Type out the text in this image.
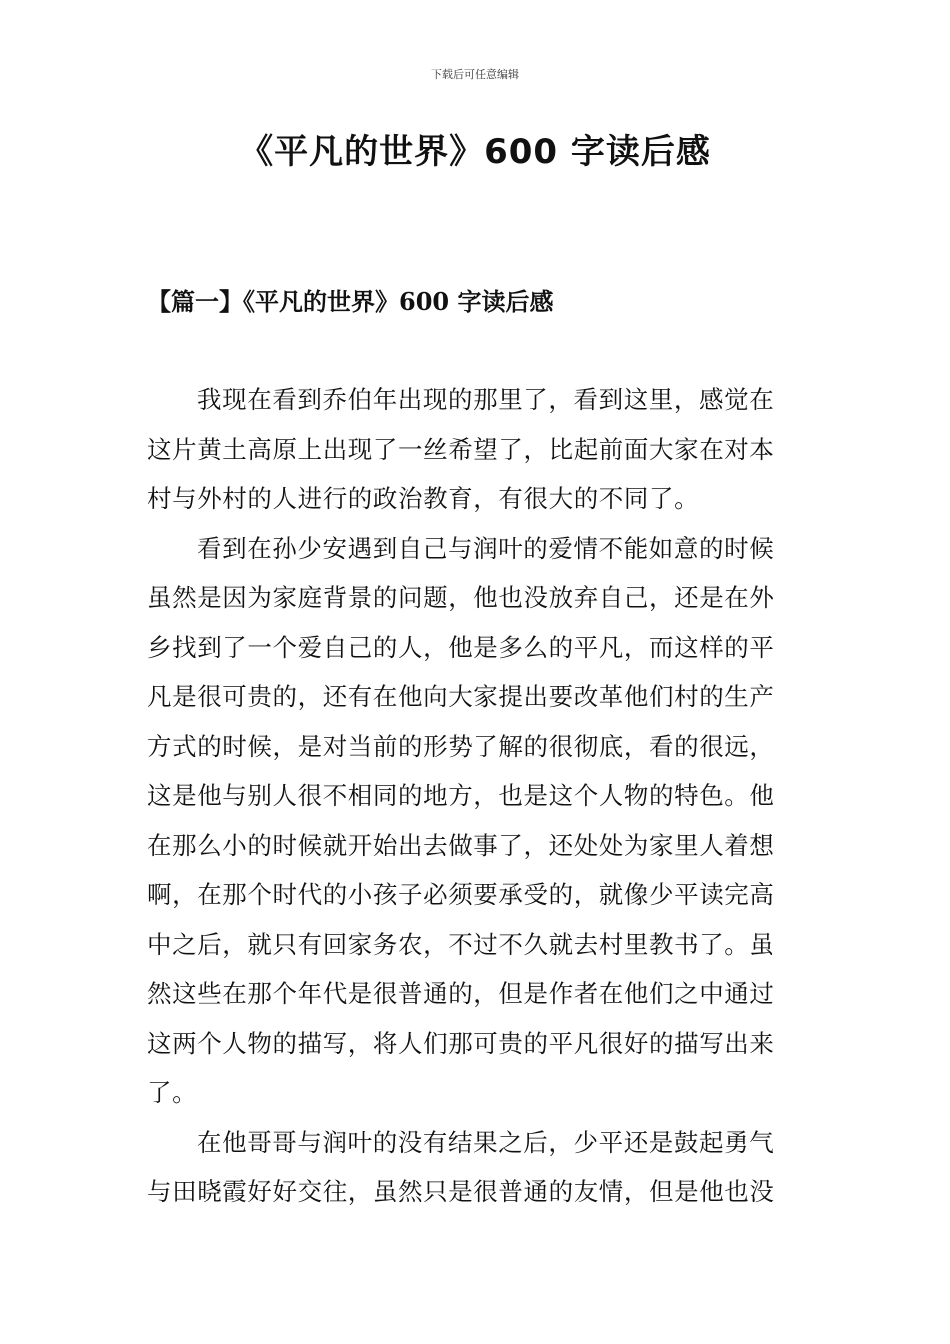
下载后可任意编辑
《平凡的世界》600 字读后感
【篇一】《平凡的世界》600 字读后感
我现在看到乔伯年出现的那里了，看到这里，感觉在
这片黄土高原上出现了一丝希望了，比起前面大家在对本
村与外村的人进行的政治教育，有很大的不同了。
看到在孙少安遇到自己与润叶的爱情不能如意的时候
虽然是因为家庭背景的问题，他也没放弃自己，还是在外
乡找到了一个爱自己的人，他是多么的平凡，而这样的平
凡是很可贵的，还有在他向大家提出要改革他们村的生产
方式的时候，是对当前的形势了解的很彻底，看的很远，
这是他与别人很不相同的地方，也是这个人物的特色。他
在那么小的时候就开始出去做事了，还处处为家里人着想
啊，在那个时代的小孩子必须要承受的，就像少平读完高
中之后，就只有回家务农，不过不久就去村里教书了。虽
然这些在那个年代是很普通的，但是作者在他们之中通过
这两个人物的描写，将人们那可贵的平凡很好的描写出来
了。
在他哥哥与润叶的没有结果之后，少平还是鼓起勇气
与田晓霞好好交往，虽然只是很普通的友情，但是他也没
